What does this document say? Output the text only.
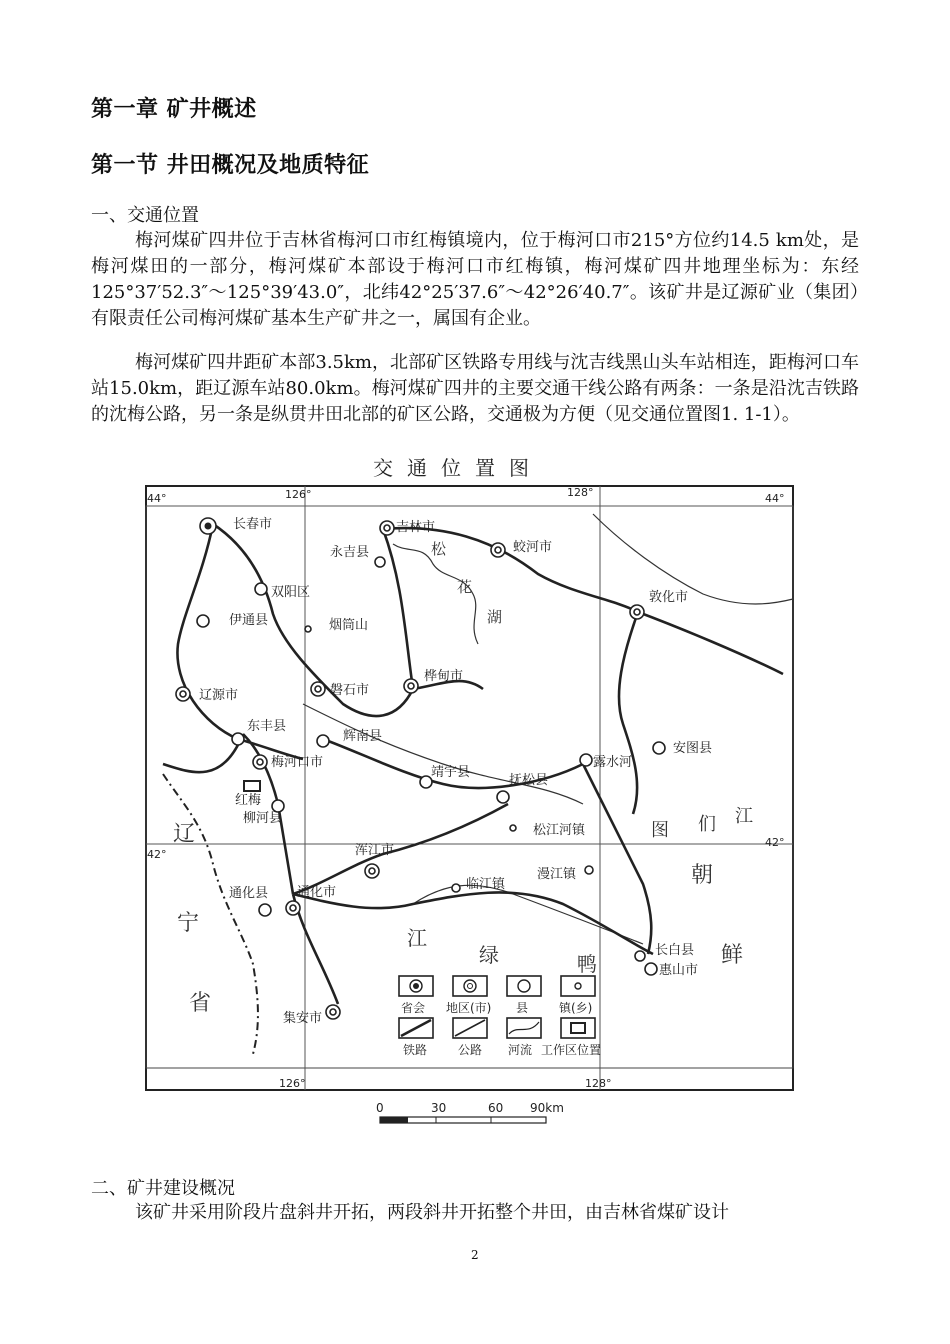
第一章 矿井概述
第一节 井田概况及地质特征
一、交通位置

梅河煤矿四井位于吉林省梅河口市红梅镇境内，位于梅河口市215°方位约14.5 km处，是梅河煤田的一部分，梅河煤矿本部设于梅河口市红梅镇，梅河煤矿四井地理坐标为：东经125°37′52.3″～125°39′43.0″，北纬42°25′37.6″～42°26′40.7″。该矿井是辽源矿业（集团）有限责任公司梅河煤矿基本生产矿井之一，属国有企业。

梅河煤矿四井距矿本部3.5km，北部矿区铁路专用线与沈吉线黑山头车站相连，距梅河口车站15.0km，距辽源车站80.0km。梅河煤矿四井的主要交通干线公路有两条：一条是沿沈吉铁路的沈梅公路，另一条是纵贯井田北部的矿区公路，交通极为方便（见交通位置图1. 1-1）。

交通位置图
44°	44°
42°
42°
126°	128°
126°	128°
长春市	吉林市
蛟河市
永吉县
双阳区
伊通县	烟筒山
敦化市
辽源市	磐石市
桦甸市
东丰县
辉南县
梅河口市
红梅
柳河县
靖宇县
抚松县
露水河
安图县
松江河镇
浑江市
临江镇
漫江镇
通化县 通化市
长白县
惠山市
集安市
松
花
湖
图 们 江
朝
鲜
辽
宁
省
江
绿	鸭
省会 地区(市) 县	镇(乡)
铁路	公路 河流 工作区位置
0	30	60 90km
二、矿井建设概况

该矿井采用阶段片盘斜井开拓，两段斜井开拓整个井田，由吉林省煤矿设计

2
